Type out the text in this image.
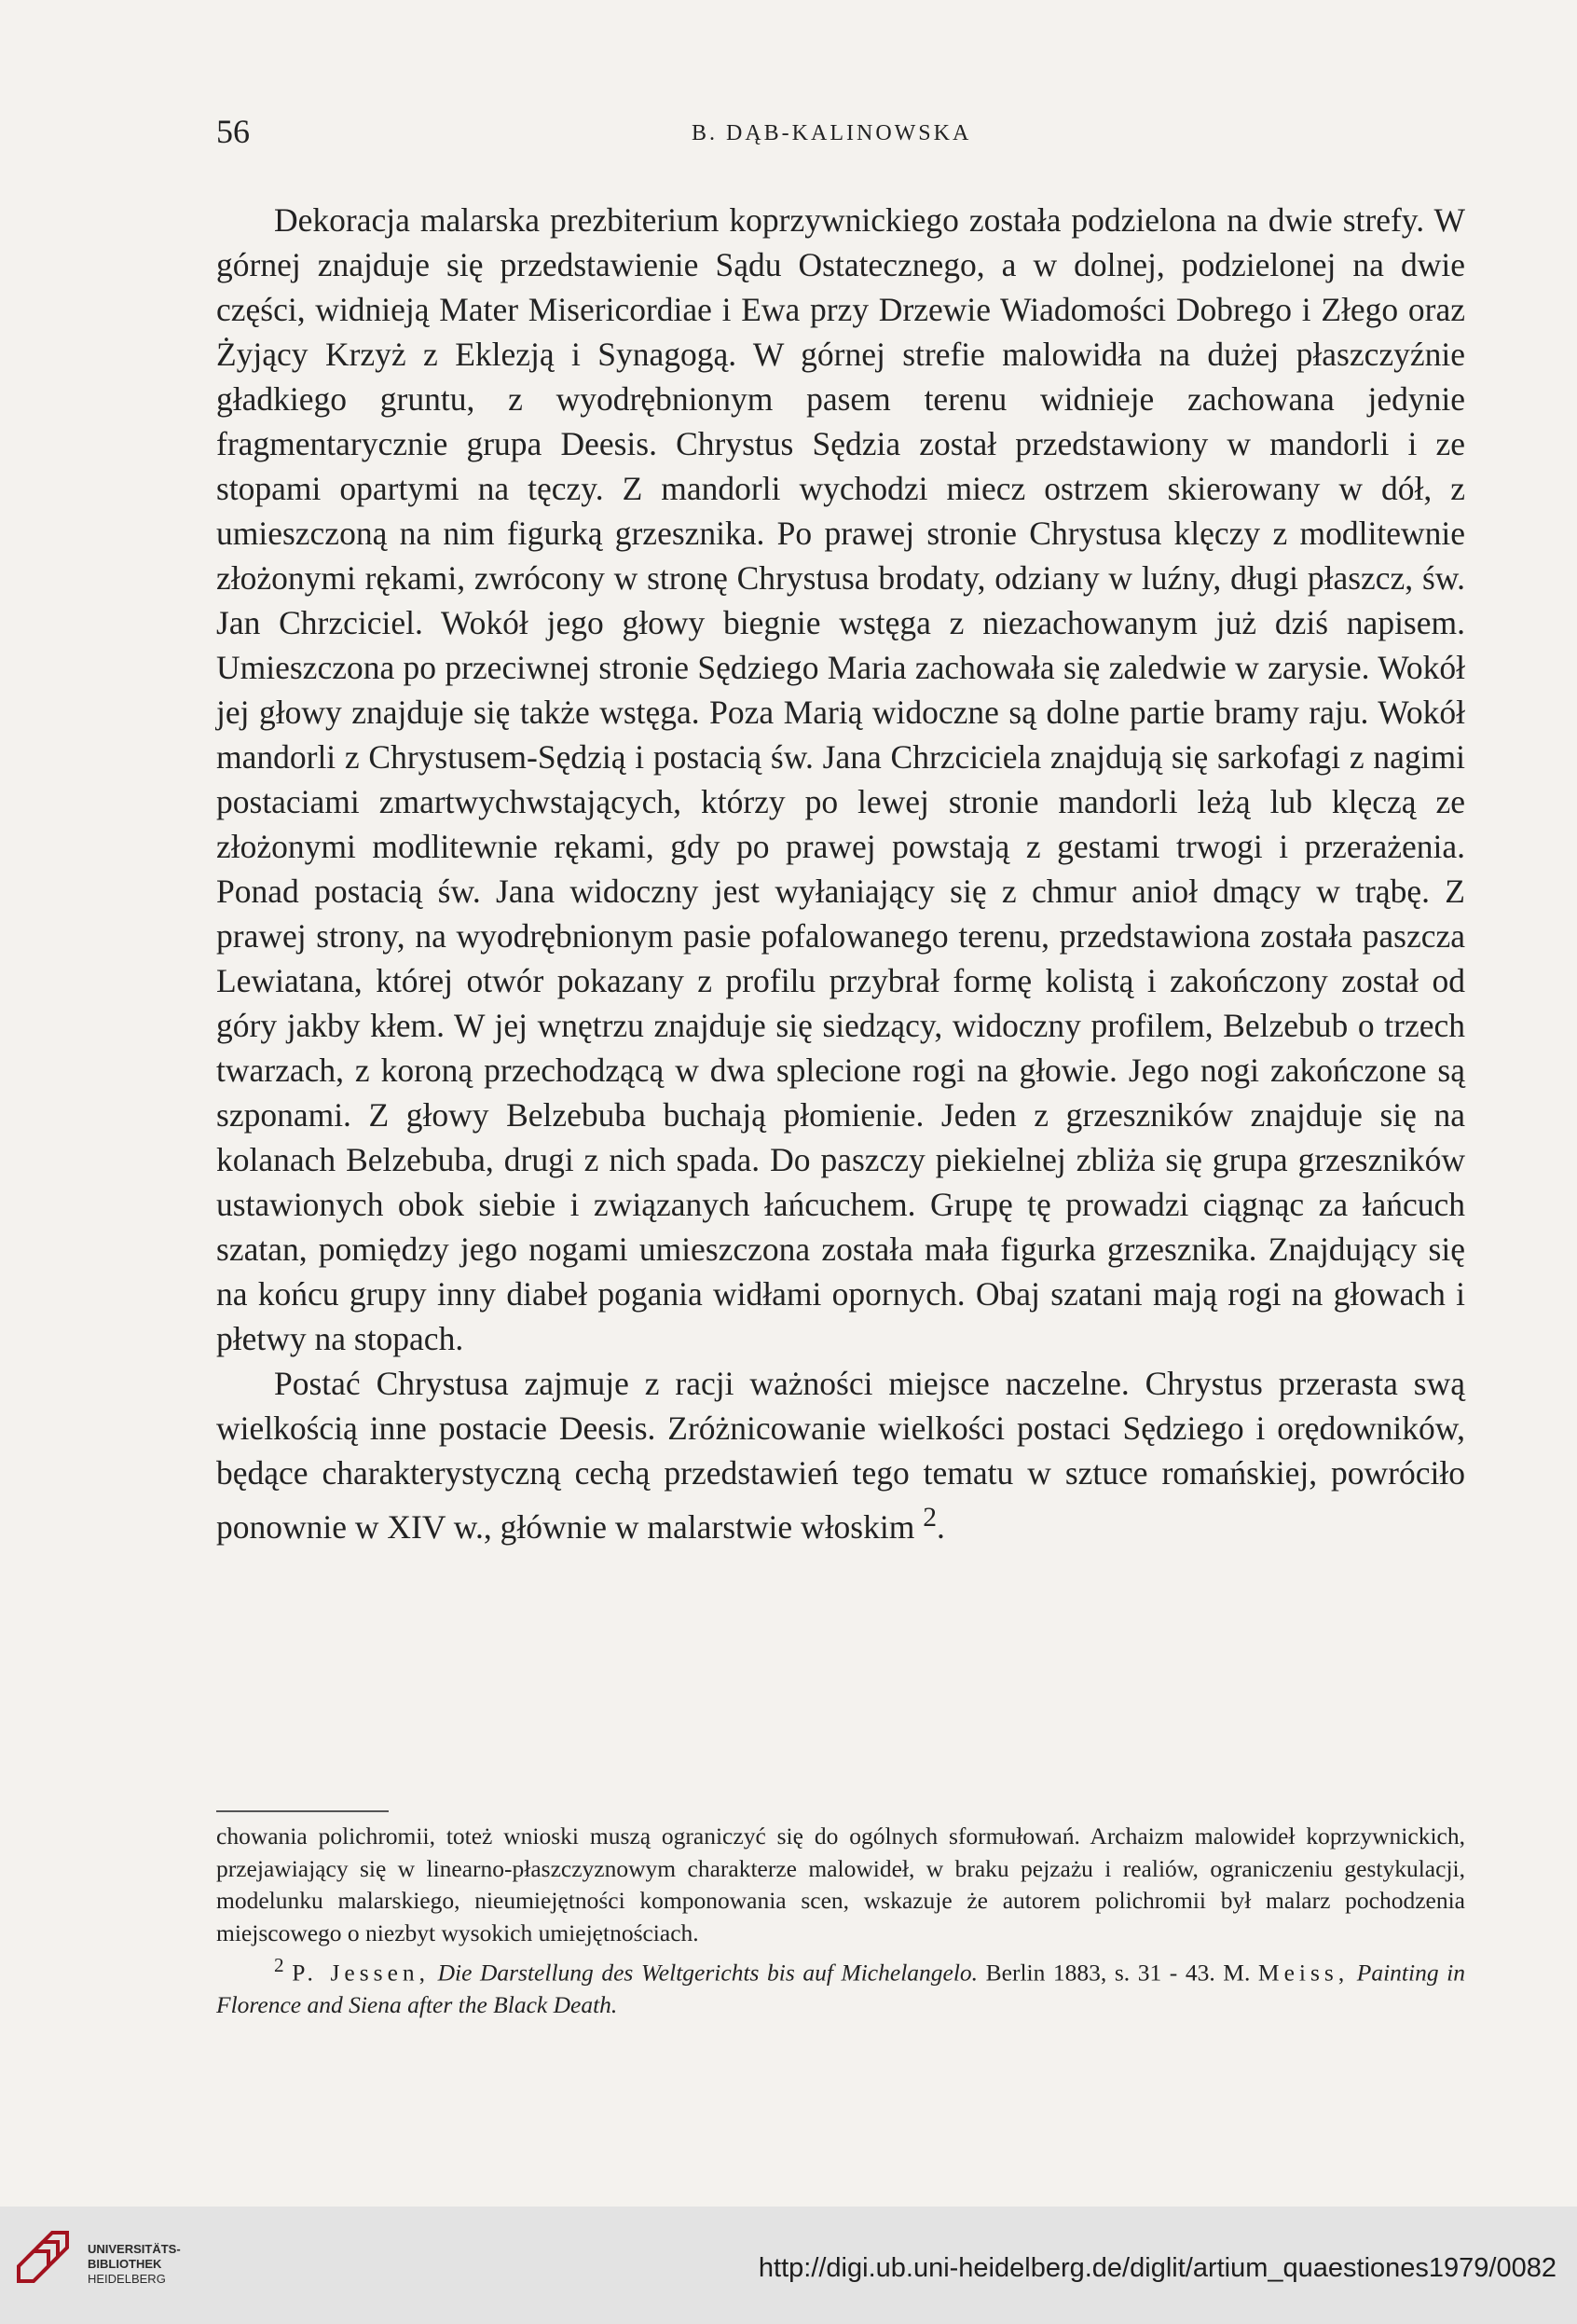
56	B. DĄB-KALINOWSKA

Dekoracja malarska prezbiterium koprzywnickiego została podzielona na dwie strefy. W górnej znajduje się przedstawienie Sądu Ostatecznego, a w dolnej, podzielonej na dwie części, widnieją Mater Misericordiae i Ewa przy Drzewie Wiadomości Dobrego i Złego oraz Żyjący Krzyż z Eklezją i Synagogą. W górnej strefie malowidła na dużej płaszczyźnie gładkiego gruntu, z wyodrębnionym pasem terenu widnieje zachowana jedynie fragmentarycznie grupa Deesis. Chrystus Sędzia został przedstawiony w mandorli i ze stopami opartymi na tęczy. Z mandorli wychodzi miecz ostrzem skierowany w dół, z umieszczoną na nim figurką grzesznika. Po prawej stronie Chrystusa klęczy z modlitewnie złożonymi rękami, zwrócony w stronę Chrystusa brodaty, odziany w luźny, długi płaszcz, św. Jan Chrzciciel. Wokół jego głowy biegnie wstęga z niezachowanym już dziś napisem. Umieszczona po przeciwnej stronie Sędziego Maria zachowała się zaledwie w zarysie. Wokół jej głowy znajduje się także wstęga. Poza Marią widoczne są dolne partie bramy raju. Wokół mandorli z Chrystusem-Sędzią i postacią św. Jana Chrzciciela znajdują się sarkofagi z nagimi postaciami zmartwychwstających, którzy po lewej stronie mandorli leżą lub klęczą ze złożonymi modlitewnie rękami, gdy po prawej powstają z gestami trwogi i przerażenia. Ponad postacią św. Jana widoczny jest wyłaniający się z chmur anioł dmący w trąbę. Z prawej strony, na wyodrębnionym pasie pofalowanego terenu, przedstawiona została paszcza Lewiatana, której otwór pokazany z profilu przybrał formę kolistą i zakończony został od góry jakby kłem. W jej wnętrzu znajduje się siedzący, widoczny profilem, Belzebub o trzech twarzach, z koroną przechodzącą w dwa splecione rogi na głowie. Jego nogi zakończone są szponami. Z głowy Belzebuba buchają płomienie. Jeden z grzeszników znajduje się na kolanach Belzebuba, drugi z nich spada. Do paszczy piekielnej zbliża się grupa grzeszników ustawionych obok siebie i związanych łańcuchem. Grupę tę prowadzi ciągnąc za łańcuch szatan, pomiędzy jego nogami umieszczona została mała figurka grzesznika. Znajdujący się na końcu grupy inny diabeł pogania widłami opornych. Obaj szatani mają rogi na głowach i płetwy na stopach.

Postać Chrystusa zajmuje z racji ważności miejsce naczelne. Chrystus przerasta swą wielkością inne postacie Deesis. Zróżnicowanie wielkości postaci Sędziego i orędowników, będące charakterystyczną cechą przedstawień tego tematu w sztuce romańskiej, powróciło ponownie w XIV w., głównie w malarstwie włoskim $^2$.

chowania polichromii, toteż wnioski muszą ograniczyć się do ogólnych sformułowań. Archaizm malowideł koprzywnickich, przejawiający się w linearno-płaszczyznowym charakterze malowideł, w braku pejzażu i realiów, ograniczeniu gestykulacji, modelunku malarskiego, nieumiejętności komponowania scen, wskazuje że autorem polichromii był malarz pochodzenia miejscowego o niezbyt wysokich umiejętnościach.

$^2$ P. Jessen, Die Darstellung des Weltgerichts bis auf Michelangelo. Berlin 1883, s. 31 - 43. M. Meiss, Painting in Florence and Siena after the Black Death.

UNIVERSITÄTS-
BIBLIOTHEK
HEIDELBERG	http://digi.ub.uni-heidelberg.de/diglit/artium_quaestiones1979/0082
